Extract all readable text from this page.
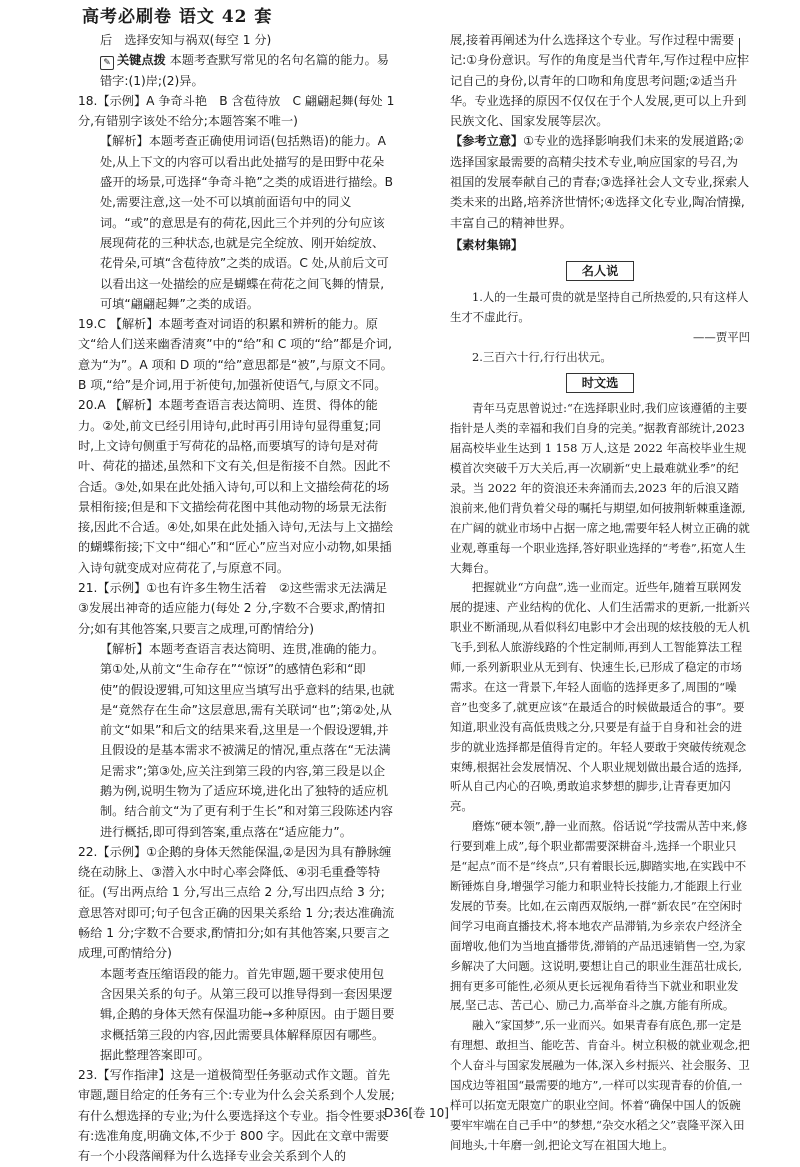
高考必刷卷 语文 42 套

后　选择安知与祸双(每空 1 分)

✎ 关键点拨 本题考查默写常见的名句名篇的能力。易错字:(1)岸;(2)异。

18.【示例】A 争奇斗艳　B 含苞待放　C 翩翩起舞(每处 1 分,有错别字该处不给分;本题答案不唯一)

【解析】本题考查正确使用词语(包括熟语)的能力。A 处,从上下文的内容可以看出此处描写的是田野中花朵盛开的场景,可选择“争奇斗艳”之类的成语进行描绘。B 处,需要注意,这一处不可以填前面语句中的同义词。“或”的意思是有的荷花,因此三个并列的分句应该展现荷花的三种状态,也就是完全绽放、刚开始绽放、花骨朵,可填“含苞待放”之类的成语。C 处,从前后文可以看出这一处描绘的应是蝴蝶在荷花之间飞舞的情景,可填“翩翩起舞”之类的成语。

19.C 【解析】本题考查对词语的积累和辨析的能力。原文“给人们送来幽香清爽”中的“给”和 C 项的“给”都是介词,意为“为”。A 项和 D 项的“给”意思都是“被”,与原文不同。B 项,“给”是介词,用于祈使句,加强祈使语气,与原文不同。

20.A 【解析】本题考查语言表达简明、连贯、得体的能力。②处,前文已经引用诗句,此时再引用诗句显得重复;同时,上文诗句侧重于写荷花的品格,而要填写的诗句是对荷叶、荷花的描述,虽然和下文有关,但是衔接不自然。因此不合适。③处,如果在此处插入诗句,可以和上文描绘荷花的场景相衔接;但是和下文描绘荷花图中其他动物的场景无法衔接,因此不合适。④处,如果在此处插入诗句,无法与上文描绘的蝴蝶衔接;下文中“细心”和“匠心”应当对应小动物,如果插入诗句就变成对应荷花了,与原意不同。

21.【示例】①也有许多生物生活着　②这些需求无法满足　③发展出神奇的适应能力(每处 2 分,字数不合要求,酌情扣分;如有其他答案,只要言之成理,可酌情给分)

【解析】本题考查语言表达简明、连贯,准确的能力。第①处,从前文“生命存在”“惊讶”的感情色彩和“即使”的假设逻辑,可知这里应当填写出乎意料的结果,也就是“竟然存在生命”这层意思,需有关联词“也”;第②处,从前文“如果”和后文的结果来看,这里是一个假设逻辑,并且假设的是基本需求不被满足的情况,重点落在“无法满足需求”;第③处,应关注到第三段的内容,第三段是以企鹅为例,说明生物为了适应环境,进化出了独特的适应机制。结合前文“为了更有利于生长”和对第三段陈述内容进行概括,即可得到答案,重点落在“适应能力”。

22.【示例】①企鹅的身体天然能保温,②是因为具有静脉缠绕在动脉上、③潜入水中时心率会降低、④羽毛重叠等特征。(写出两点给 1 分,写出三点给 2 分,写出四点给 3 分;意思答对即可;句子包含正确的因果关系给 1 分;表达准确流畅给 1 分;字数不合要求,酌情扣分;如有其他答案,只要言之成理,可酌情给分)

本题考查压缩语段的能力。首先审题,题干要求使用包含因果关系的句子。从第三段可以推导得到一套因果逻辑,企鹅的身体天然有保温功能→多种原因。由于题目要求概括第三段的内容,因此需要具体解释原因有哪些。据此整理答案即可。

23.【写作指津】这是一道极简型任务驱动式作文题。首先审题,题目给定的任务有三个:专业为什么会关系到个人发展;有什么想选择的专业;为什么要选择这个专业。指令性要求有:选准角度,明确文体,不少于 800 字。因此在文章中需要有一个小段落阐释为什么选择专业会关系到个人的

展,接着再阐述为什么选择这个专业。写作过程中需要记:①身份意识。写作的角度是当代青年,写作过程中应牢记自己的身份,以青年的口吻和角度思考问题;②适当升华。专业选择的原因不仅仅在于个人发展,更可以上升到民族文化、国家发展等层次。

【参考立意】①专业的选择影响我们未来的发展道路;②选择国家最需要的高精尖技术专业,响应国家的号召,为祖国的发展奉献自己的青春;③选择社会人文专业,探索人类未来的出路,培养济世情怀;④选择文化专业,陶冶情操,丰富自己的精神世界。

【素材集锦】

名人说

1.人的一生最可贵的就是坚持自己所热爱的,只有这样人生才不虚此行。

——贾平凹

2.三百六十行,行行出状元。

时文选

青年马克思曾说过:“在选择职业时,我们应该遵循的主要指针是人类的幸福和我们自身的完美。”据教育部统计,2023 届高校毕业生达到 1 158 万人,这是 2022 年高校毕业生规模首次突破千万大关后,再一次刷新“史上最难就业季”的纪录。当 2022 年的资浪还未奔涌而去,2023 年的后浪又踏浪前来,他们背负着父母的嘱托与期望,如何披荆斩棘重逢源,在广阔的就业市场中占据一席之地,需要年轻人树立正确的就业观,尊重每一个职业选择,答好职业选择的“考卷”,拓宽人生大舞台。

把握就业“方向盘”,选一业而定。近些年,随着互联网发展的提速、产业结构的优化、人们生活需求的更新,一批新兴职业不断涌现,从看似科幻电影中才会出现的炫技般的无人机飞手,到私人旅游线路的个性定制师,再到人工智能算法工程师,一系列新职业从无到有、快速生长,已形成了稳定的市场需求。在这一背景下,年轻人面临的选择更多了,周围的“噪音”也变多了,就更应该“在最适合的时候做最适合的事”。要知道,职业没有高低贵贱之分,只要是有益于自身和社会的进步的就业选择都是值得肯定的。年轻人要敢于突破传统观念束缚,根据社会发展情况、个人职业规划做出最合适的选择,听从自己内心的召唤,勇敢追求梦想的脚步,让青春更加闪亮。

磨炼“硬本领”,静一业而熬。俗话说“学技需从苦中来,修行要到难上成”,每个职业都需要深耕奋斗,选择一个职业只是“起点”而不是“终点”,只有着眼长远,脚踏实地,在实践中不断锤炼自身,增强学习能力和职业特长技能力,才能跟上行业发展的节奏。比如,在云南西双版纳,一群“新农民”在空闲时间学习电商直播技术,将本地农产品滞销,为乡亲农户经济全面增收,他们为当地直播带货,滞销的产品迅速销售一空,为家乡解决了大问题。这说明,要想让自己的职业生涯茁壮成长,拥有更多可能性,必须从更长远视角看待当下就业和职业发展,坚己志、苦己心、励己力,高举奋斗之旗,方能有所成。

融入“家国梦”,乐一业而兴。如果青春有底色,那一定是有理想、敢担当、能吃苦、肯奋斗。树立积极的就业观念,把个人奋斗与国家发展融为一体,深入乡村振兴、社会服务、卫国戍边等祖国“最需要的地方”,一样可以实现青春的价值,一样可以拓宽无限宽广的职业空间。怀着“确保中国人的饭碗要牢牢端在自己手中”的梦想,“杂交水稻之父”袁隆平深入田间地头,十年磨一剑,把论文写在祖国大地上。

D36[卷 10]
